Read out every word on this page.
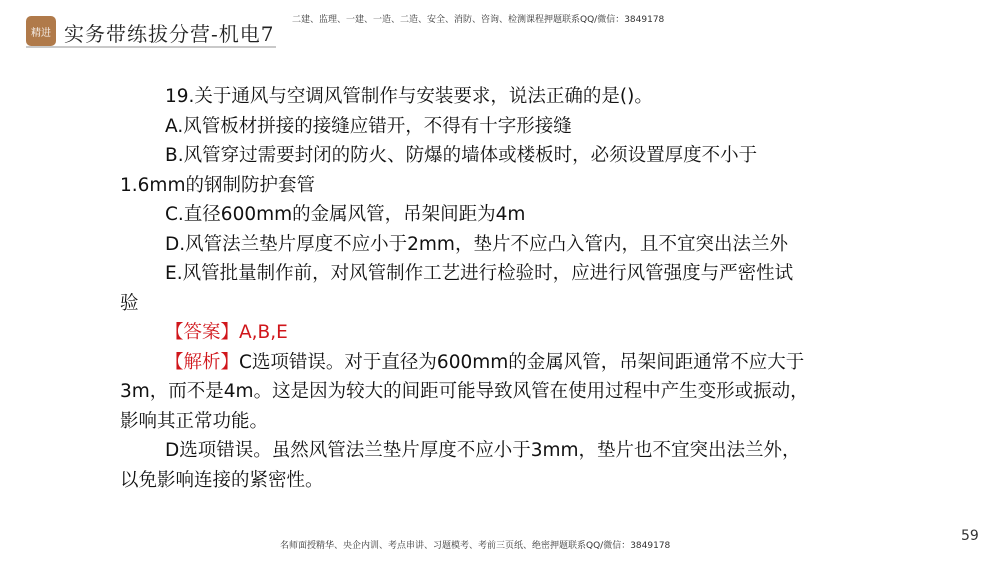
精进 实务带练拔分营-机电7
二建、监理、一建、一造、二造、安全、消防、咨询、检测课程押题联系QQ/微信：3849178

19.关于通风与空调风管制作与安装要求，说法正确的是()。

A.风管板材拼接的接缝应错开，不得有十字形接缝

B.风管穿过需要封闭的防火、防爆的墙体或楼板时，必须设置厚度不小于1.6mm的钢制防护套管

C.直径600mm的金属风管，吊架间距为4m

D.风管法兰垫片厚度不应小于2mm，垫片不应凸入管内，且不宜突出法兰外

E.风管批量制作前，对风管制作工艺进行检验时，应进行风管强度与严密性试验

【答案】A,B,E

【解析】C选项错误。对于直径为600mm的金属风管，吊架间距通常不应大于3m，而不是4m。这是因为较大的间距可能导致风管在使用过程中产生变形或振动，影响其正常功能。

D选项错误。虽然风管法兰垫片厚度不应小于3mm，垫片也不宜突出法兰外，以免影响连接的紧密性。

名师面授精华、央企内训、考点串讲、习题模考、考前三页纸、绝密押题联系QQ/微信：3849178
59
